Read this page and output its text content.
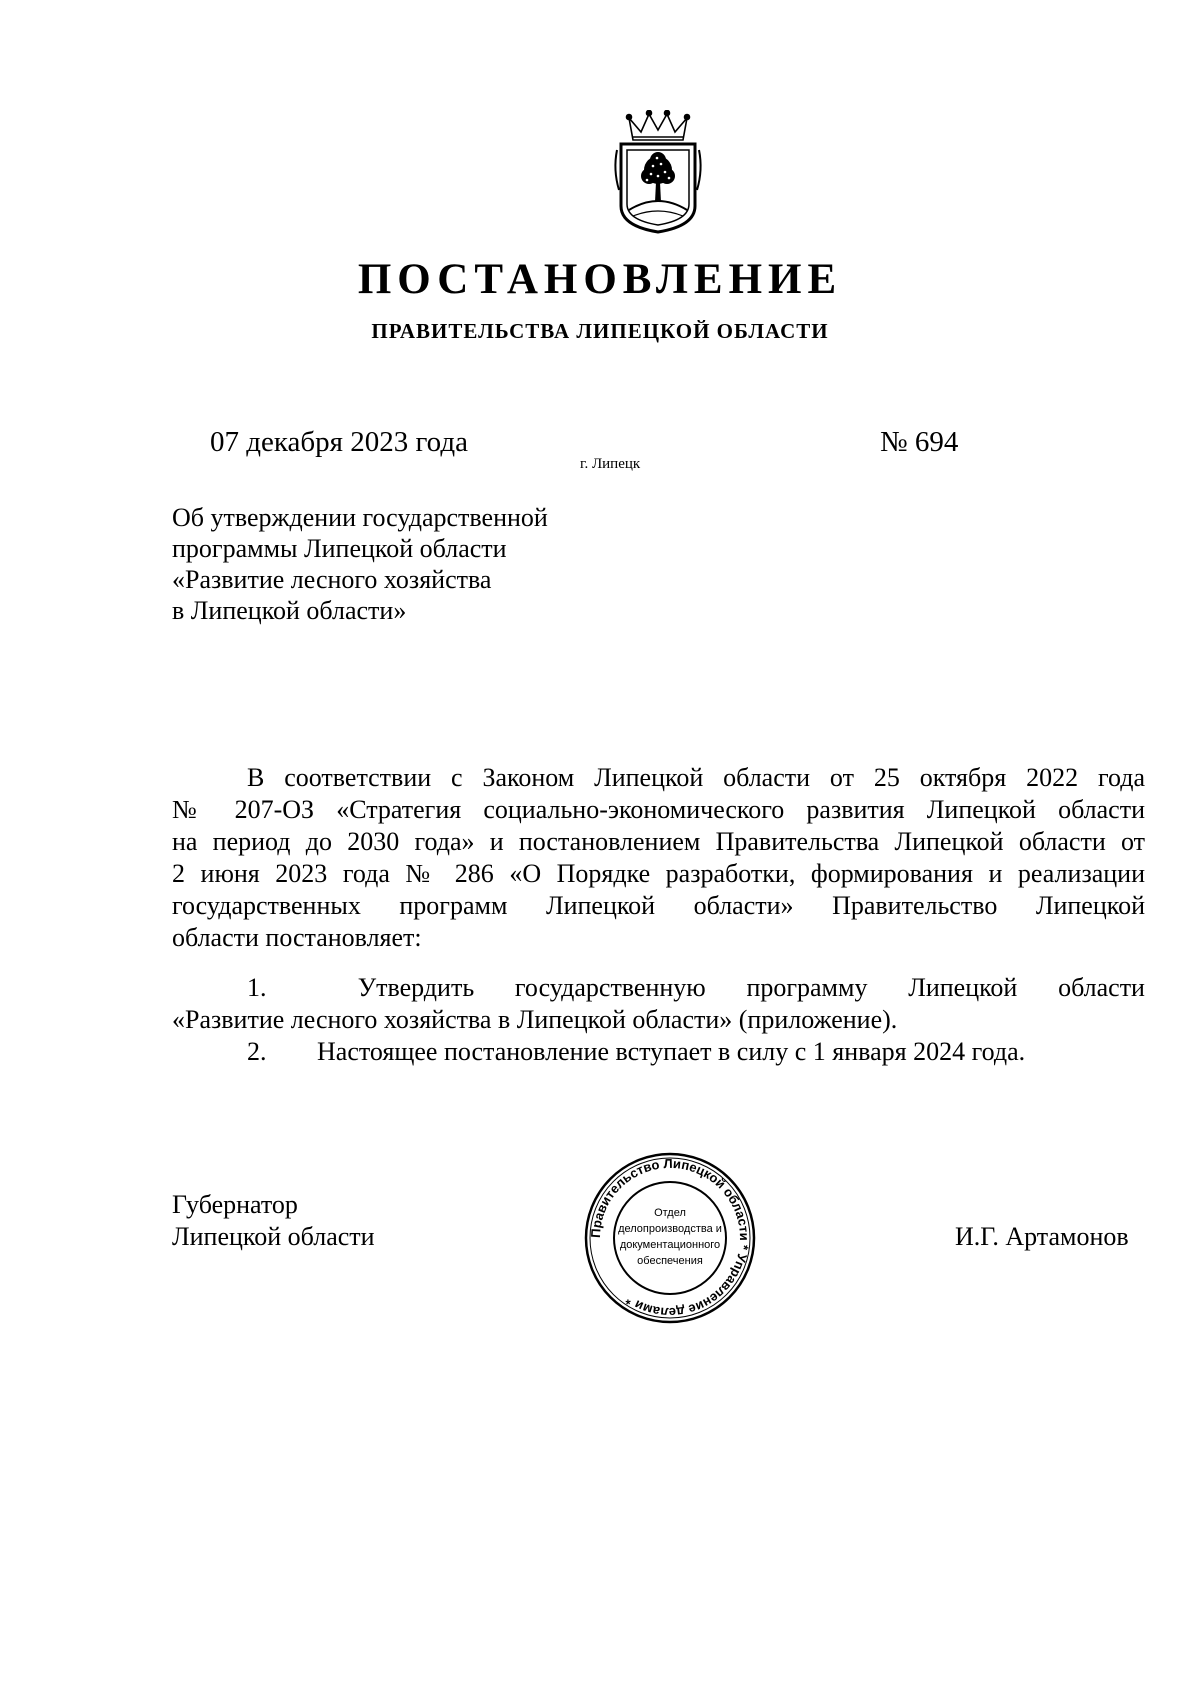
ПОСТАНОВЛЕНИЕ
ПРАВИТЕЛЬСТВА ЛИПЕЦКОЙ ОБЛАСТИ
07 декабря 2023 года
г. Липецк
№ 694
Об утверждении государственной
программы Липецкой области
«Развитие лесного хозяйства
в Липецкой области»
В соответствии с Законом Липецкой области от 25 октября 2022 года
№ 207-ОЗ «Стратегия социально-экономического развития Липецкой области
на период до 2030 года» и постановлением Правительства Липецкой области от
2 июня 2023 года № 286 «О Порядке разработки, формирования и реализации
государственных программ Липецкой области» Правительство Липецкой
области постановляет:
1.	Утвердить государственную программу Липецкой области
«Развитие лесного хозяйства в Липецкой области» (приложение).
2. Настоящее постановление вступает в силу с 1 января 2024 года.
Губернатор
Липецкой области	И.Г. Артамонов
Правительство Липецкой области * Управление делами *
Отдел
делопроизводства и
документационного
обеспечения
